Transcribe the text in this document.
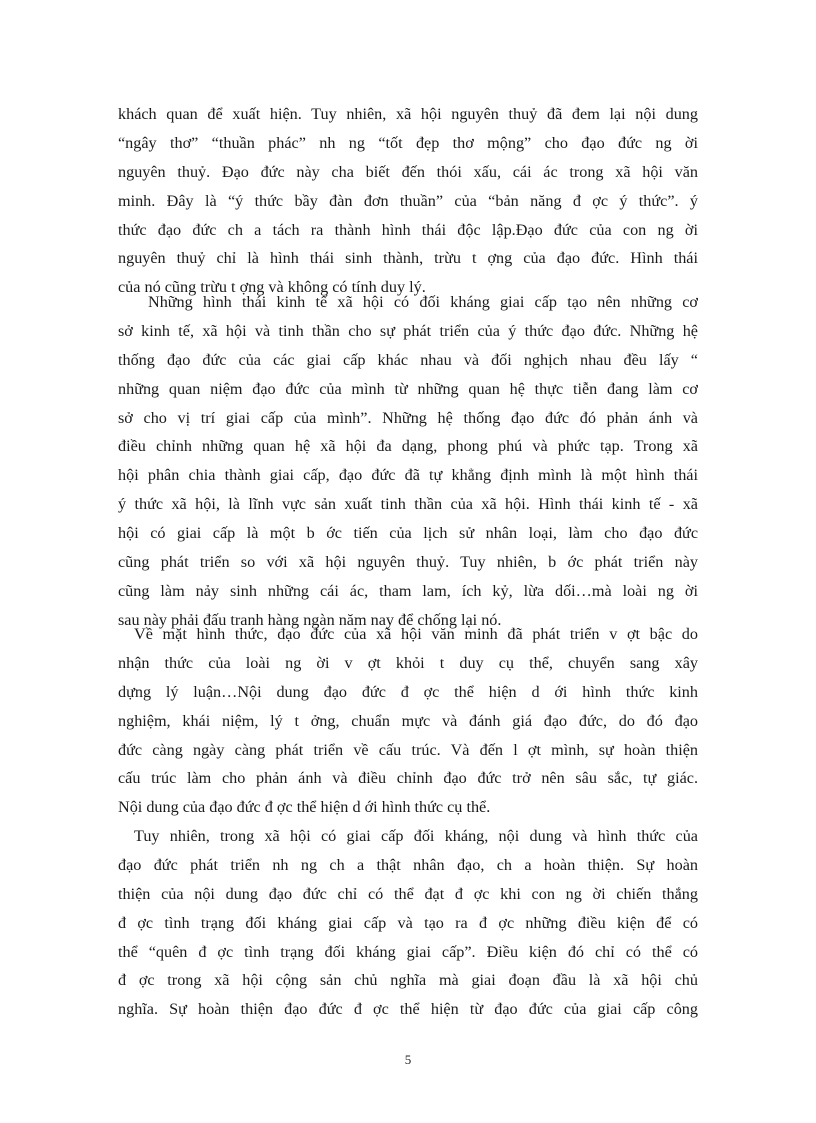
khách quan để xuất hiện. Tuy nhiên, xã hội nguyên thuỷ đã đem lại nội dung
“ngây thơ” “thuần phác” nh ng “tốt đẹp thơ mộng” cho đạo đức ng ời
nguyên thuỷ. Đạo đức này cha biết đến thói xấu, cái ác trong xã hội văn
minh. Đây là “ý thức bầy đàn đơn thuần” của “bản năng đ ợc ý thức”. ý
thức đạo đức ch a tách ra thành hình thái độc lập.Đạo đức của con ng ời
nguyên thuỷ chỉ là hình thái sinh thành, trừu t ợng của đạo đức. Hình thái
của nó cũng trừu t ợng và không có tính duy lý.
Những hình thái kinh tế xã hội có đối kháng giai cấp tạo nên những cơ
sở kinh tế, xã hội và tinh thần cho sự phát triển của ý thức đạo đức. Những hệ
thống đạo đức của các giai cấp khác nhau và đối nghịch nhau đều lấy “
những quan niệm đạo đức của mình từ những quan hệ thực tiễn đang làm cơ
sở cho vị trí giai cấp của mình”. Những hệ thống đạo đức đó phản ánh và
điều chỉnh những quan hệ xã hội đa dạng, phong phú và phức tạp. Trong xã
hội phân chia thành giai cấp, đạo đức đã tự khẳng định mình là một hình thái
ý thức xã hội, là lĩnh vực sản xuất tinh thần của xã hội. Hình thái kinh tế - xã
hội có giai cấp là một b ớc tiến của lịch sử nhân loại, làm cho đạo đức
cũng phát triển so với xã hội nguyên thuỷ. Tuy nhiên, b ớc phát triển này
cũng làm nảy sinh những cái ác, tham lam, ích kỷ, lừa dối…mà loài ng ời
sau này phải đấu tranh hàng ngàn năm nay để chống lại nó.
Về mặt hình thức, đạo đức của xã hội văn minh đã phát triển v ợt bậc do
nhận thức của loài ng ời v ợt khỏi t duy cụ thể, chuyển sang xây
dựng lý luận…Nội dung đạo đức đ ợc thể hiện d ới hình thức kinh
nghiệm, khái niệm, lý t ởng, chuẩn mực và đánh giá đạo đức, do đó đạo
đức càng ngày càng phát triển về cấu trúc. Và đến l ợt mình, sự hoàn thiện
cấu trúc làm cho phản ánh và điều chỉnh đạo đức trở nên sâu sắc, tự giác.
Nội dung của đạo đức đ ợc thể hiện d ới hình thức cụ thể.
Tuy nhiên, trong xã hội có giai cấp đối kháng, nội dung và hình thức của
đạo đức phát triển nh ng ch a thật nhân đạo, ch a hoàn thiện. Sự hoàn
thiện của nội dung đạo đức chỉ có thể đạt đ ợc khi con ng ời chiến thắng
đ ợc tình trạng đối kháng giai cấp và tạo ra đ ợc những điều kiện để có
thể “quên đ ợc tình trạng đối kháng giai cấp”. Điều kiện đó chỉ có thể có
đ ợc trong xã hội cộng sản chủ nghĩa mà giai đoạn đầu là xã hội chủ
nghĩa. Sự hoàn thiện đạo đức đ ợc thể hiện từ đạo đức của giai cấp công
5
